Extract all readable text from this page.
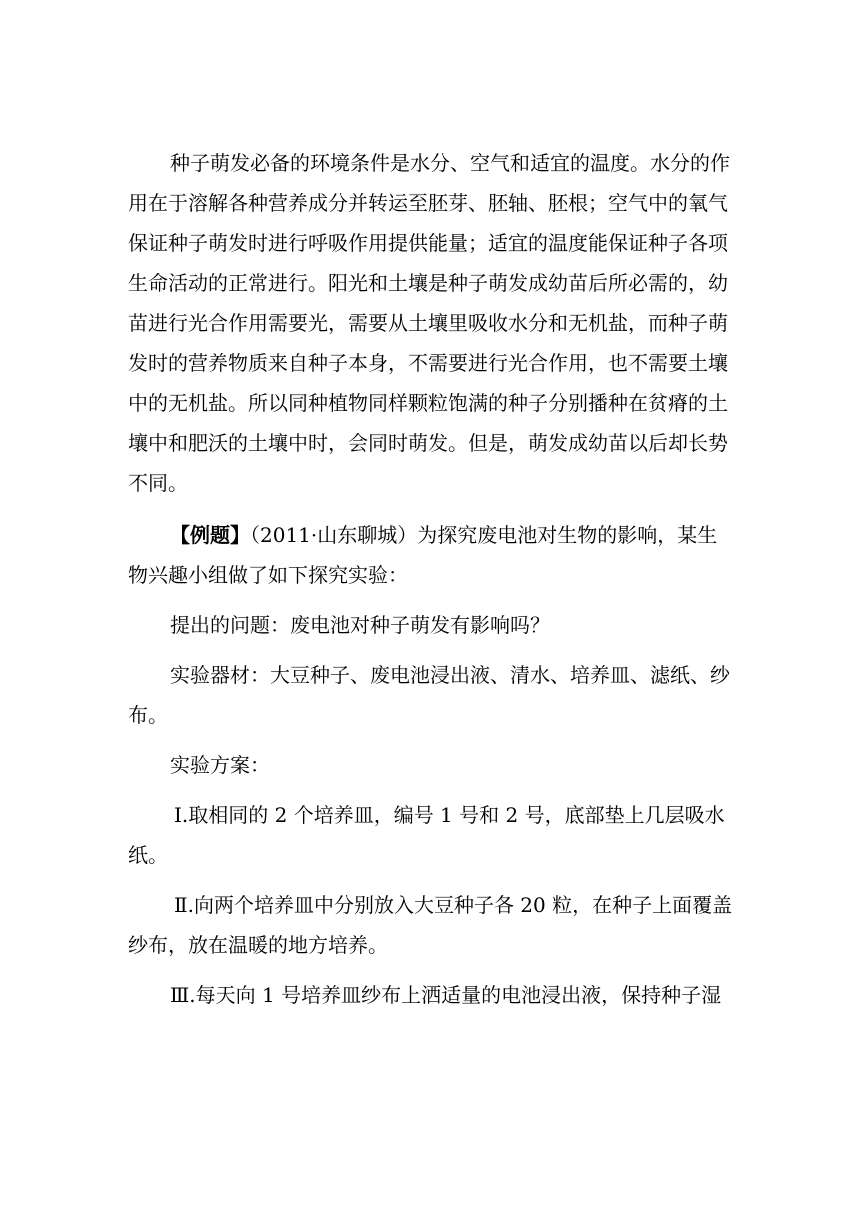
种子萌发必备的环境条件是水分、空气和适宜的温度。水分的作
用在于溶解各种营养成分并转运至胚芽、胚轴、胚根；空气中的氧气
保证种子萌发时进行呼吸作用提供能量；适宜的温度能保证种子各项
生命活动的正常进行。阳光和土壤是种子萌发成幼苗后所必需的，幼
苗进行光合作用需要光，需要从土壤里吸收水分和无机盐，而种子萌
发时的营养物质来自种子本身，不需要进行光合作用，也不需要土壤
中的无机盐。所以同种植物同样颗粒饱满的种子分别播种在贫瘠的土
壤中和肥沃的土壤中时，会同时萌发。但是，萌发成幼苗以后却长势
不同。
【例题】（2011·山东聊城）为探究废电池对生物的影响，某生
物兴趣小组做了如下探究实验：
提出的问题：废电池对种子萌发有影响吗？
实验器材：大豆种子、废电池浸出液、清水、培养皿、滤纸、纱
布。
实验方案：
Ⅰ.取相同的 2 个培养皿，编号 1 号和 2 号，底部垫上几层吸水
纸。
Ⅱ.向两个培养皿中分别放入大豆种子各 20 粒，在种子上面覆盖
纱布，放在温暖的地方培养。
Ⅲ.每天向 1 号培养皿纱布上洒适量的电池浸出液，保持种子湿
